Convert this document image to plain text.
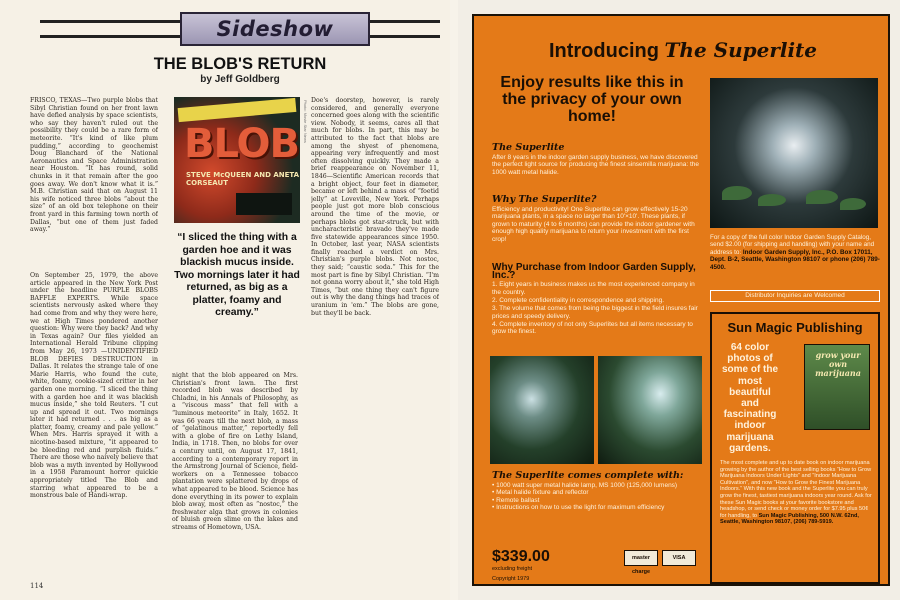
Sideshow
THE BLOB'S RETURN
by Jeff Goldberg

FRISCO, TEXAS—Two purple blobs that Sibyl Christian found on her front lawn have defied analysis by space scientists, who say they haven't ruled out the possibility they could be a rare form of meteorite. “It's kind of like plum pudding,” according to geochemist Doug Blanchard of the National Aeronautics and Space Administration near Houston. “It has round, solid chunks in it that remain after the goo goes away. We don't know what it is.” M.B. Christian said that on August 11 his wife noticed three blobs “about the size” of an old box telephone on their front yard in this farming town north of Dallas, “but one of them just faded away.”

On September 25, 1979, the above article appeared in the New York Post under the headline PURPLE BLOBS BAFFLE EXPERTS. While space scientists nervously asked where they had come from and why they were here, we at High Times pondered another question: Why were they back? And why in Texas again? Our files yielded an International Herald Tribune clipping from May 26, 1973 —UNIDENTIFIED BLOB DEFIES DESTRUCTION in Dallas. It relates the strange tale of one Marie Harris, who found the cute, white, foamy, cookie-sized critter in her garden one morning. “I sliced the thing with a garden hoe and it was blackish mucus inside,” she told Reuters. “I cut up and spread it out. Two mornings later it had returned . . . as big as a platter, foamy, creamy and pale yellow.” When Mrs. Harris sprayed it with a nicotine-based mixture, “it appeared to be bleeding red and purplish fluids.” There are those who naively believe that blob was a myth invented by Hollywood in a 1958 Paramount horror quickie appropriately titled The Blob and starring what appeared to be a monstrous bale of Handi-wrap.

BLOB
STEVE McQUEEN AND ANETA CORSEAUT
Photo: Movie Star News
“I sliced the thing with a garden hoe and it was blackish mucus inside. Two mornings later it had returned, as big as a platter, foamy and creamy.”

night that the blob appeared on Mrs. Christian's front lawn. The first recorded blob was described by Chladni, in his Annals of Philosophy, as a “viscous mass” that fell with a “luminous meteorite” in Italy, 1652. It was 66 years till the next blob, a mass of “gelatinous matter,” reportedly fell with a globe of fire on Lethy Island, India, in 1718. Then, no blobs for over a century until, on August 17, 1841, according to a contemporary report in the Armstrong Journal of Science, field-workers on a Tennessee tobacco plantation were splattered by drops of what appeared to be blood. Science has done everything in its power to explain blob away, most often as “nostoc,” the freshwater alga that grows in colonies of bluish green slime on the lakes and streams of Hometown, USA.

Doe's doorstep, however, is rarely considered, and generally everyone concerned goes along with the scientific view. Nobody, it seems, cares all that much for blobs. In part, this may be attributed to the fact that blobs are among the shyest of phenomena, appearing very infrequently and most often dissolving quickly. They made a brief reappearance on November 11, 1846—Scientific American records that a bright object, four feet in diameter, became or left behind a mass of “foetid jelly” at Loveville, New York. Perhaps people just got more blob conscious around the time of the movie, or perhaps blobs got star-struck, but with uncharacteristic bravado they've made five statewide appearances since 1950. In October, last year, NASA scientists finally reached a verdict on Mrs. Christian's purple blobs. Not nostoc, they said; “caustic soda.” This for the most part is fine by Sibyl Christian. “I'm not gonna worry about it,” she told High Times, “but one thing they can't figure out is why the dang things had traces of uranium in 'em.” The blobs are gone, but they'll be back.

114
Introducing The Superlite
Enjoy results like this in the privacy of your own home!
The Superlite
After 8 years in the indoor garden supply business, we have discovered the perfect light source for producing the finest sinsemilla marijuana: the 1000 watt metal halide.
Why The Superlite?
Efficiency and productivity! One Superlite can grow effectively 15-20 marijuana plants, in a space no larger than 10'×10'. These plants, if grown to maturity (4 to 6 months) can provide the indoor gardener with enough high quality marijuana to return your investment with the first crop!
Why Purchase from Indoor Garden Supply, Inc.?
1. Eight years in business makes us the most experienced company in the country.
2. Complete confidentiality in correspondence and shipping.
3. The volume that comes from being the biggest in the field insures fair prices and speedy delivery.
4. Complete inventory of not only Superlites but all items necessary to grow the finest.
For a copy of the full color Indoor Garden Supply Catalog, send $2.00 (for shipping and handling) with your name and address to: Indoor Garden Supply, Inc., P.O. Box 17011, Dept. B-2, Seattle, Washington 98107 or phone (206) 789-4500.
Distributor Inquiries are Welcomed
The Superlite comes complete with:
• 1000 watt super metal halide lamp, MS 1000 (125,000 lumens)
• Metal halide fixture and reflector
• Remote ballast
• Instructions on how to use the light for maximum efficiency
$339.00
excluding freight
master charge
VISA
Copyright 1979
Sun Magic Publishing
64 color photos of some of the most beautiful and fascinating indoor marijuana gardens.
grow your own marijuana
The most complete and up to date book on indoor marijuana growing by the author of the best selling books “How to Grow Marijuana Indoors Under Lights” and “Indoor Marijuana Cultivation”, and now “How to Grow the Finest Marijuana Indoors.” With this new book and the Superlite you can truly grow the finest, tastiest marijuana indoors year round. Ask for these Sun Magic books at your favorite bookstore and headshop, or send check or money order for $7.95 plus 50¢ for handling, to Sun Magic Publishing, 500 N.W. 62nd, Seattle, Washington 98107, (206) 789-5919.
